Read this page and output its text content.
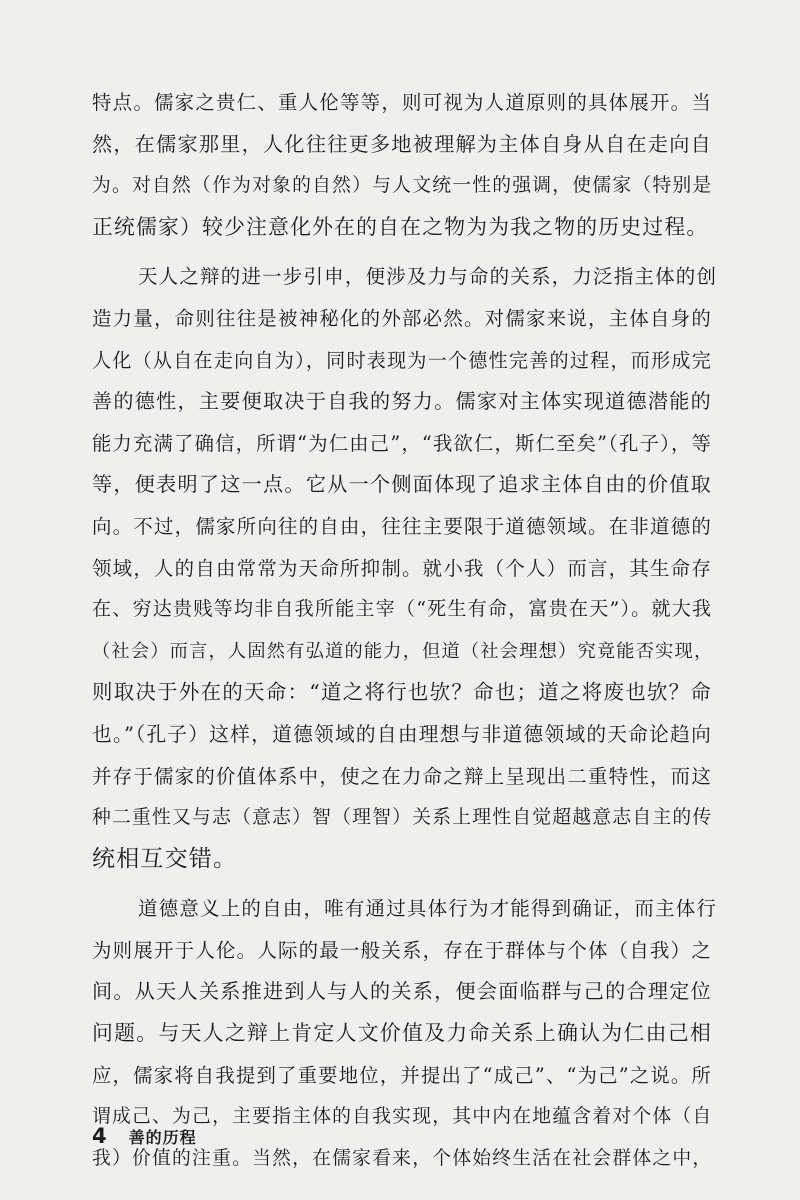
特点。儒家之贵仁、重人伦等等，则可视为人道原则的具体展开。当
然，在儒家那里，人化往往更多地被理解为主体自身从自在走向自
为。对自然（作为对象的自然）与人文统一性的强调，使儒家（特别是
正统儒家）较少注意化外在的自在之物为为我之物的历史过程。
天人之辩的进一步引申，便涉及力与命的关系，力泛指主体的创
造力量，命则往往是被神秘化的外部必然。对儒家来说，主体自身的
人化（从自在走向自为），同时表现为一个德性完善的过程，而形成完
善的德性，主要便取决于自我的努力。儒家对主体实现道德潜能的
能力充满了确信，所谓“为仁由己”，“我欲仁，斯仁至矣”（孔子），等
等，便表明了这一点。它从一个侧面体现了追求主体自由的价值取
向。不过，儒家所向往的自由，往往主要限于道德领域。在非道德的
领域，人的自由常常为天命所抑制。就小我（个人）而言，其生命存
在、穷达贵贱等均非自我所能主宰（“死生有命，富贵在天”）。就大我
（社会）而言，人固然有弘道的能力，但道（社会理想）究竟能否实现，
则取决于外在的天命：“道之将行也欤？命也；道之将废也欤？命
也。”（孔子）这样，道德领域的自由理想与非道德领域的天命论趋向
并存于儒家的价值体系中，使之在力命之辩上呈现出二重特性，而这
种二重性又与志（意志）智（理智）关系上理性自觉超越意志自主的传
统相互交错。
道德意义上的自由，唯有通过具体行为才能得到确证，而主体行
为则展开于人伦。人际的最一般关系，存在于群体与个体（自我）之
间。从天人关系推进到人与人的关系，便会面临群与己的合理定位
问题。与天人之辩上肯定人文价值及力命关系上确认为仁由己相
应，儒家将自我提到了重要地位，并提出了“成己”、“为己”之说。所
谓成己、为己，主要指主体的自我实现，其中内在地蕴含着对个体（自
我）价值的注重。当然，在儒家看来，个体始终生活在社会群体之中，
4 善的历程
